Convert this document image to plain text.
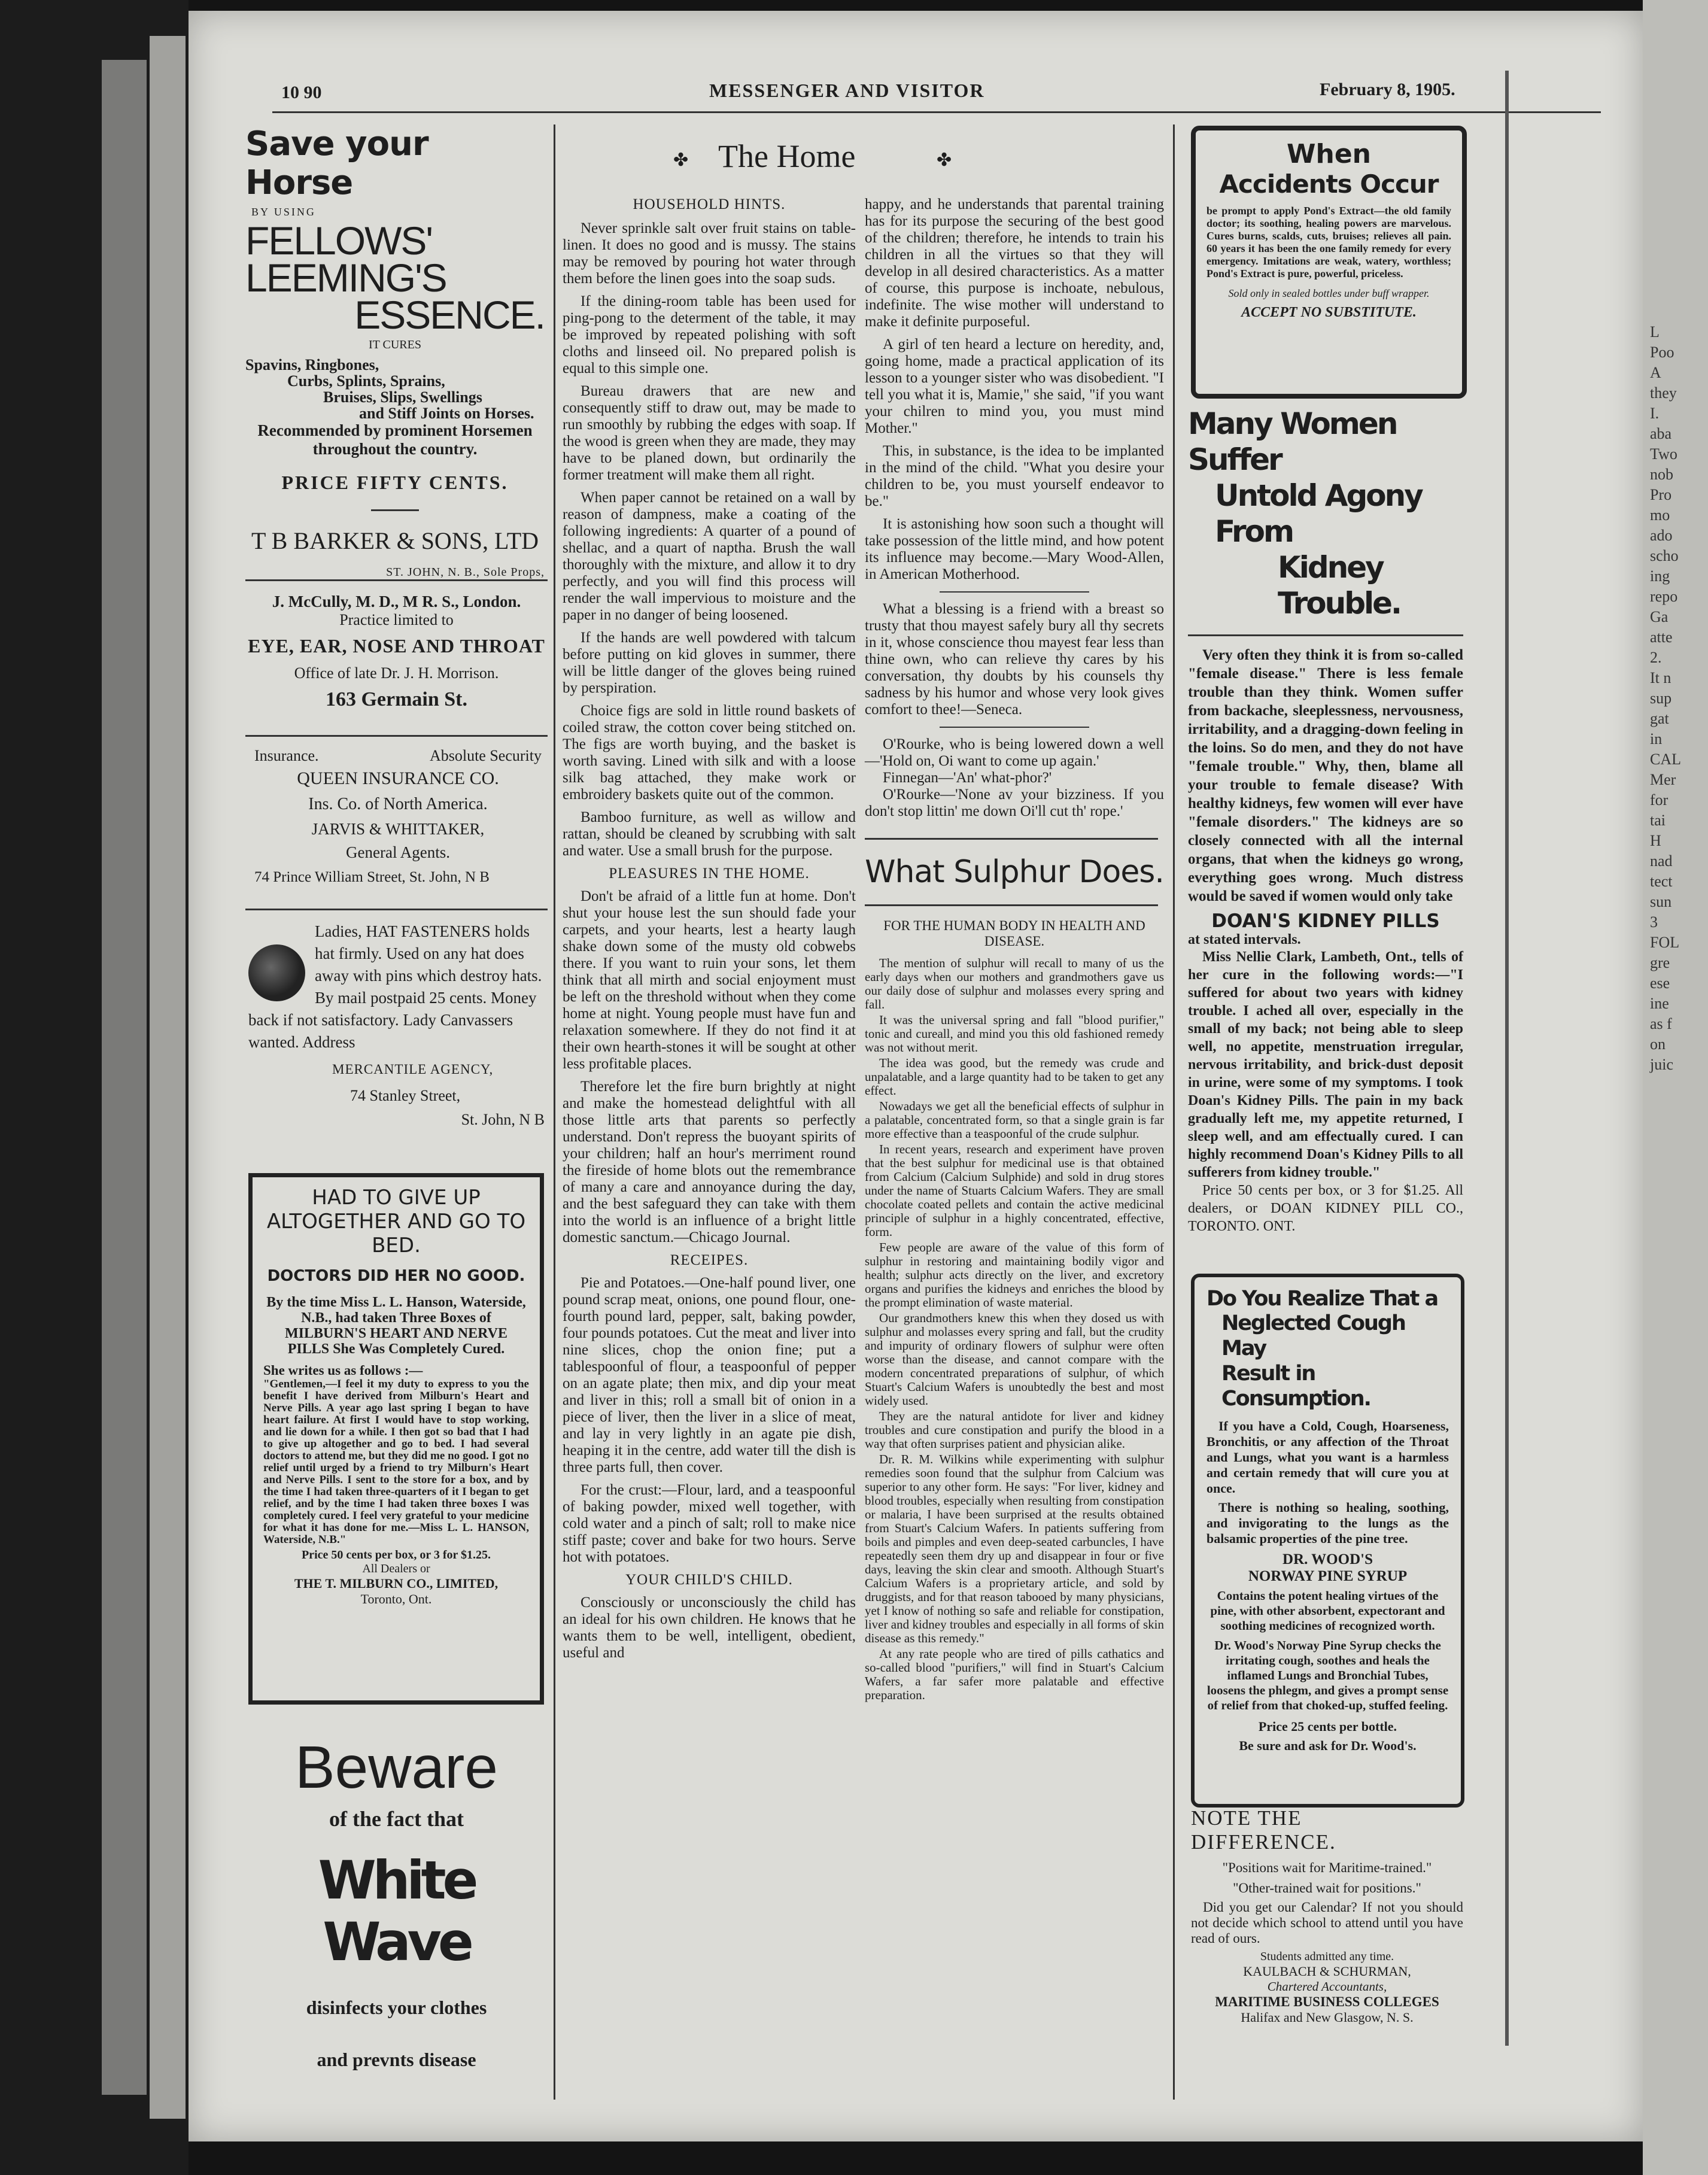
10 90	MESSENGER AND VISITOR	February 8, 1905.
Save your Horse
BY USING
FELLOWS'
LEEMING'S
ESSENCE.
IT CURES
Spavins, Ringbones,
Curbs, Splints, Sprains,
Bruises, Slips, Swellings
and Stiff Joints on Horses.
Recommended by prominent Horsemen
throughout the country.
PRICE FIFTY CENTS.
T B BARKER & SONS, LTD
ST. JOHN, N. B., Sole Props,
J. McCully, M. D., M R. S., London.
Practice limited to
EYE, EAR, NOSE AND THROAT
Office of late Dr. J. H. Morrison.
163 Germain St.
Insurance.	Absolute Security
QUEEN INSURANCE CO.
Ins. Co. of North America.
JARVIS & WHITTAKER,
General Agents.
74 Prince William Street, St. John, N B
Ladies, HAT FASTENERS holds hat firmly. Used on any hat does away with pins which destroy hats. By mail postpaid 25 cents. Money back if not satisfactory. Lady Canvassers wanted. Address
MERCANTILE AGENCY,
74 Stanley Street,
St. John, N B
HAD TO GIVE UP ALTOGETHER AND GO TO BED.
DOCTORS DID HER NO GOOD.
By the time Miss L. L. Hanson, Waterside, N.B., had taken Three Boxes of MILBURN'S HEART AND NERVE PILLS She Was Completely Cured.
She writes us as follows :—
"Gentlemen,—I feel it my duty to express to you the benefit I have derived from Milburn's Heart and Nerve Pills. A year ago last spring I began to have heart failure. At first I would have to stop working, and lie down for a while. I then got so bad that I had to give up altogether and go to bed. I had several doctors to attend me, but they did me no good. I got no relief until urged by a friend to try Milburn's Heart and Nerve Pills. I sent to the store for a box, and by the time I had taken three-quarters of it I began to get relief, and by the time I had taken three boxes I was completely cured. I feel very grateful to your medicine for what it has done for me.—Miss L. L. HANSON, Waterside, N.B."
Price 50 cents per box, or 3 for $1.25.
All Dealers or
THE T. MILBURN CO., LIMITED,
Toronto, Ont.
Beware
of the fact that
White Wave
disinfects your clothes
and prevnts disease
The Home
✤	✤
HOUSEHOLD HINTS.

Never sprinkle salt over fruit stains on table-linen. It does no good and is mussy. The stains may be removed by pouring hot water through them before the linen goes into the soap suds.

If the dining-room table has been used for ping-pong to the determent of the table, it may be improved by repeated polishing with soft cloths and linseed oil. No prepared polish is equal to this simple one.

Bureau drawers that are new and consequently stiff to draw out, may be made to run smoothly by rubbing the edges with soap. If the wood is green when they are made, they may have to be planed down, but ordinarily the former treatment will make them all right.

When paper cannot be retained on a wall by reason of dampness, make a coating of the following ingredients: A quarter of a pound of shellac, and a quart of naptha. Brush the wall thoroughly with the mixture, and allow it to dry perfectly, and you will find this process will render the wall impervious to moisture and the paper in no danger of being loosened.

If the hands are well powdered with talcum before putting on kid gloves in summer, there will be little danger of the gloves being ruined by perspiration.

Choice figs are sold in little round baskets of coiled straw, the cotton cover being stitched on. The figs are worth buying, and the basket is worth saving. Lined with silk and with a loose silk bag attached, they make work or embroidery baskets quite out of the common.

Bamboo furniture, as well as willow and rattan, should be cleaned by scrubbing with salt and water. Use a small brush for the purpose.

PLEASURES IN THE HOME.

Don't be afraid of a little fun at home. Don't shut your house lest the sun should fade your carpets, and your hearts, lest a hearty laugh shake down some of the musty old cobwebs there. If you want to ruin your sons, let them think that all mirth and social enjoyment must be left on the threshold without when they come home at night. Young people must have fun and relaxation somewhere. If they do not find it at their own hearth-stones it will be sought at other less profitable places.

Therefore let the fire burn brightly at night and make the homestead delightful with all those little arts that parents so perfectly understand. Don't repress the buoyant spirits of your children; half an hour's merriment round the fireside of home blots out the remembrance of many a care and annoyance during the day, and the best safeguard they can take with them into the world is an influence of a bright little domestic sanctum.—Chicago Journal.

RECEIPES.

Pie and Potatoes.—One-half pound liver, one pound scrap meat, onions, one pound flour, one-fourth pound lard, pepper, salt, baking powder, four pounds potatoes. Cut the meat and liver into nine slices, chop the onion fine; put a tablespoonful of flour, a teaspoonful of pepper on an agate plate; then mix, and dip your meat and liver in this; roll a small bit of onion in a piece of liver, then the liver in a slice of meat, and lay in very lightly in an agate pie dish, heaping it in the centre, add water till the dish is three parts full, then cover.

For the crust:—Flour, lard, and a teaspoonful of baking powder, mixed well together, with cold water and a pinch of salt; roll to make nice stiff paste; cover and bake for two hours. Serve hot with potatoes.

YOUR CHILD'S CHILD.
Consciously or unconsciously the child has an ideal for his own children. He knows that he wants them to be well, intelligent, obedient, useful and

happy, and he understands that parental training has for its purpose the securing of the best good of the children; therefore, he intends to train his children in all the virtues so that they will develop in all desired characteristics. As a matter of course, this purpose is inchoate, nebulous, indefinite. The wise mother will understand to make it definite purposeful.

A girl of ten heard a lecture on heredity, and, going home, made a practical application of its lesson to a younger sister who was disobedient. "I tell you what it is, Mamie," she said, "if you want your chilren to mind you, you must mind Mother."

This, in substance, is the idea to be implanted in the mind of the child. "What you desire your children to be, you must yourself endeavor to be."

It is astonishing how soon such a thought will take possession of the little mind, and how potent its influence may become.—Mary Wood-Allen, in American Motherhood.

What a blessing is a friend with a breast so trusty that thou mayest safely bury all thy secrets in it, whose conscience thou mayest fear less than thine own, who can relieve thy cares by his conversation, thy doubts by his counsels thy sadness by his humor and whose very look gives comfort to thee!—Seneca.

O'Rourke, who is being lowered down a well—'Hold on, Oi want to come up again.'

Finnegan—'An' what-phor?'

O'Rourke—'None av your bizziness. If you don't stop littin' me down Oi'll cut th' rope.'

What Sulphur Does.
FOR THE HUMAN BODY IN HEALTH AND DISEASE.

The mention of sulphur will recall to many of us the early days when our mothers and grandmothers gave us our daily dose of sulphur and molasses every spring and fall.

It was the universal spring and fall "blood purifier," tonic and cureall, and mind you this old fashioned remedy was not without merit.

The idea was good, but the remedy was crude and unpalatable, and a large quantity had to be taken to get any effect.

Nowadays we get all the beneficial effects of sulphur in a palatable, concentrated form, so that a single grain is far more effective than a teaspoonful of the crude sulphur.

In recent years, research and experiment have proven that the best sulphur for medicinal use is that obtained from Calcium (Calcium Sulphide) and sold in drug stores under the name of Stuarts Calcium Wafers. They are small chocolate coated pellets and contain the active medicinal principle of sulphur in a highly concentrated, effective, form.

Few people are aware of the value of this form of sulphur in restoring and maintaining bodily vigor and health; sulphur acts directly on the liver, and excretory organs and purifies the kidneys and enriches the blood by the prompt elimination of waste material.

Our grandmothers knew this when they dosed us with sulphur and molasses every spring and fall, but the crudity and impurity of ordinary flowers of sulphur were often worse than the disease, and cannot compare with the modern concentrated preparations of sulphur, of which Stuart's Calcium Wafers is unoubtedly the best and most widely used.

They are the natural antidote for liver and kidney troubles and cure constipation and purify the blood in a way that often surprises patient and physician alike.

Dr. R. M. Wilkins while experimenting with sulphur remedies soon found that the sulphur from Calcium was superior to any other form. He says: "For liver, kidney and blood troubles, especially when resulting from constipation or malaria, I have been surprised at the results obtained from Stuart's Calcium Wafers. In patients suffering from boils and pimples and even deep-seated carbuncles, I have repeatedly seen them dry up and disappear in four or five days, leaving the skin clear and smooth. Although Stuart's Calcium Wafers is a proprietary article, and sold by druggists, and for that reason tabooed by many physicians, yet I know of nothing so safe and reliable for constipation, liver and kidney troubles and especially in all forms of skin disease as this remedy."

At any rate people who are tired of pills cathatics and so-called blood "purifiers," will find in Stuart's Calcium Wafers, a far safer more palatable and effective preparation.

When
Accidents Occur
be prompt to apply Pond's Extract—the old family doctor; its soothing, healing powers are marvelous. Cures burns, scalds, cuts, bruises; relieves all pain. 60 years it has been the one family remedy for every emergency. Imitations are weak, watery, worthless; Pond's Extract is pure, powerful, priceless.
Sold only in sealed bottles under buff wrapper.
ACCEPT NO SUBSTITUTE.
Many Women Suffer
Untold Agony From
Kidney Trouble.
Very often they think it is from so-called "female disease." There is less female trouble than they think. Women suffer from backache, sleeplessness, nervousness, irritability, and a dragging-down feeling in the loins. So do men, and they do not have "female trouble." Why, then, blame all your trouble to female disease? With healthy kidneys, few women will ever have "female disorders." The kidneys are so closely connected with all the internal organs, that when the kidneys go wrong, everything goes wrong. Much distress would be saved if women would only take
DOAN'S KIDNEY PILLS
at stated intervals.
Miss Nellie Clark, Lambeth, Ont., tells of her cure in the following words:—"I suffered for about two years with kidney trouble. I ached all over, especially in the small of my back; not being able to sleep well, no appetite, menstruation irregular, nervous irritability, and brick-dust deposit in urine, were some of my symptoms. I took Doan's Kidney Pills. The pain in my back gradually left me, my appetite returned, I sleep well, and am effectually cured. I can highly recommend Doan's Kidney Pills to all sufferers from kidney trouble."
Price 50 cents per box, or 3 for $1.25. All dealers, or DOAN KIDNEY PILL CO., TORONTO. ONT.
Do You Realize That a
Neglected Cough May
Result in Consumption.
If you have a Cold, Cough, Hoarseness, Bronchitis, or any affection of the Throat and Lungs, what you want is a harmless and certain remedy that will cure you at once.
There is nothing so healing, soothing, and invigorating to the lungs as the balsamic properties of the pine tree.
DR. WOOD'S
NORWAY PINE SYRUP
Contains the potent healing virtues of the pine, with other absorbent, expectorant and soothing medicines of recognized worth.
Dr. Wood's Norway Pine Syrup checks the irritating cough, soothes and heals the inflamed Lungs and Bronchial Tubes, loosens the phlegm, and gives a prompt sense of relief from that choked-up, stuffed feeling.
Price 25 cents per bottle.
Be sure and ask for Dr. Wood's.
NOTE THE
DIFFERENCE.
"Positions wait for Maritime-trained."
"Other-trained wait for positions."
Did you get our Calendar? If not you should not decide which school to attend until you have read of ours.
Students admitted any time.
KAULBACH & SCHURMAN,
Chartered Accountants,
MARITIME BUSINESS COLLEGES
Halifax and New Glasgow, N. S.
L
Poo
A
they
I.
aba
Two
nob
Pro
mo
ado
scho
ing
repo
Ga
atte
2.
It n
sup
gat
in
CAL
Mer
for
tai
H
nad
tect
sun
3
FOL
gre
ese
ine
as f
on
juic
